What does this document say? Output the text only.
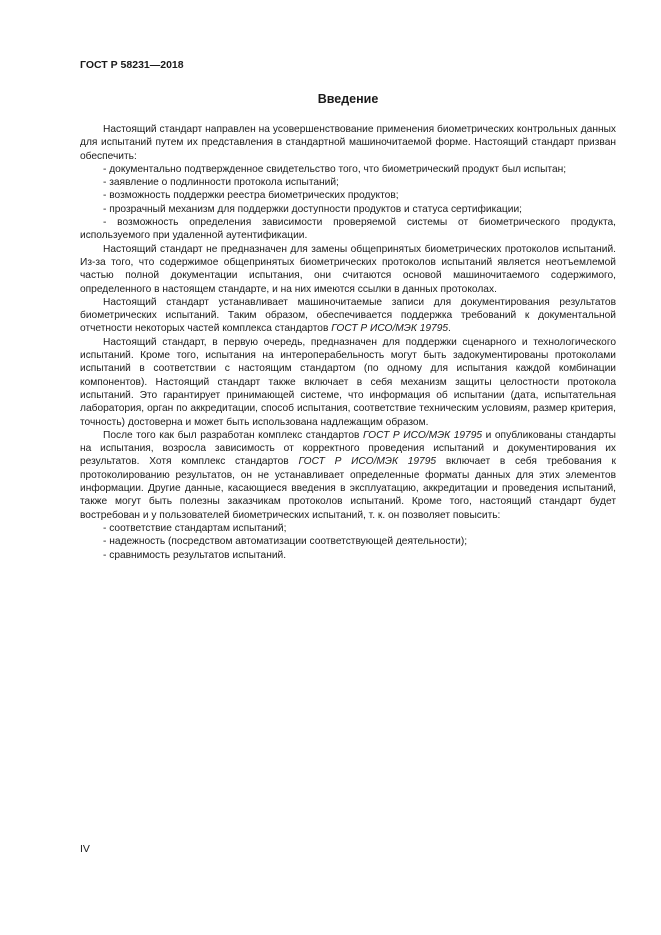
ГОСТ Р 58231—2018
Введение

Настоящий стандарт направлен на усовершенствование применения биометрических контрольных данных для испытаний путем их представления в стандартной машиночитаемой форме. Настоящий стандарт призван обеспечить:

- документально подтвержденное свидетельство того, что биометрический продукт был испытан;

- заявление о подлинности протокола испытаний;

- возможность поддержки реестра биометрических продуктов;

- прозрачный механизм для поддержки доступности продуктов и статуса сертификации;

- возможность определения зависимости проверяемой системы от биометрического продукта, используемого при удаленной аутентификации.

Настоящий стандарт не предназначен для замены общепринятых биометрических протоколов испытаний. Из-за того, что содержимое общепринятых биометрических протоколов испытаний является неотъемлемой частью полной документации испытания, они считаются основой машиночитаемого содержимого, определенного в настоящем стандарте, и на них имеются ссылки в данных протоколах.

Настоящий стандарт устанавливает машиночитаемые записи для документирования результатов биометрических испытаний. Таким образом, обеспечивается поддержка требований к документальной отчетности некоторых частей комплекса стандартов ГОСТ Р ИСО/МЭК 19795.

Настоящий стандарт, в первую очередь, предназначен для поддержки сценарного и технологического испытаний. Кроме того, испытания на интероперабельность могут быть задокументированы протоколами испытаний в соответствии с настоящим стандартом (по одному для испытания каждой комбинации компонентов). Настоящий стандарт также включает в себя механизм защиты целостности протокола испытаний. Это гарантирует принимающей системе, что информация об испытании (дата, испытательная лаборатория, орган по аккредитации, способ испытания, соответствие техническим условиям, размер критерия, точность) достоверна и может быть использована надлежащим образом.

После того как был разработан комплекс стандартов ГОСТ Р ИСО/МЭК 19795 и опубликованы стандарты на испытания, возросла зависимость от корректного проведения испытаний и документирования их результатов. Хотя комплекс стандартов ГОСТ Р ИСО/МЭК 19795 включает в себя требования к протоколированию результатов, он не устанавливает определенные форматы данных для этих элементов информации. Другие данные, касающиеся введения в эксплуатацию, аккредитации и проведения испытаний, также могут быть полезны заказчикам протоколов испытаний. Кроме того, настоящий стандарт будет востребован и у пользователей биометрических испытаний, т. к. он позволяет повысить:

- соответствие стандартам испытаний;

- надежность (посредством автоматизации соответствующей деятельности);

- сравнимость результатов испытаний.

IV
